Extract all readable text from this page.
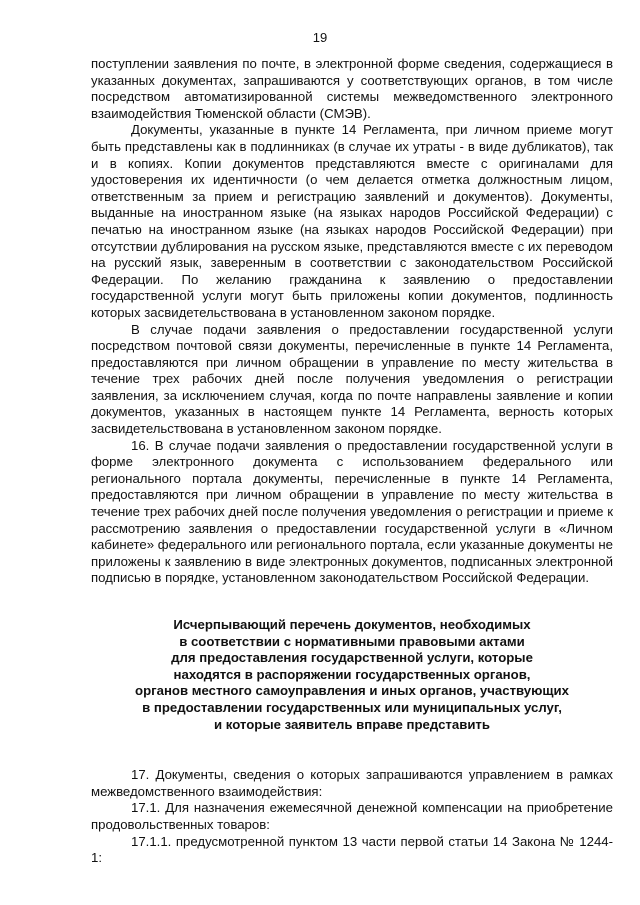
19

поступлении заявления по почте, в электронной форме сведения, содержащиеся в указанных документах, запрашиваются у соответствующих органов, в том числе посредством автоматизированной системы межведомственного электронного взаимодействия Тюменской области (СМЭВ).

Документы, указанные в пункте 14 Регламента, при личном приеме могут быть представлены как в подлинниках (в случае их утраты - в виде дубликатов), так и в копиях. Копии документов представляются вместе с оригиналами для удостоверения их идентичности (о чем делается отметка должностным лицом, ответственным за прием и регистрацию заявлений и документов). Документы, выданные на иностранном языке (на языках народов Российской Федерации) с печатью на иностранном языке (на языках народов Российской Федерации) при отсутствии дублирования на русском языке, представляются вместе с их переводом на русский язык, заверенным в соответствии с законодательством Российской Федерации. По желанию гражданина к заявлению о предоставлении государственной услуги могут быть приложены копии документов, подлинность которых засвидетельствована в установленном законом порядке.

В случае подачи заявления о предоставлении государственной услуги посредством почтовой связи документы, перечисленные в пункте 14 Регламента, предоставляются при личном обращении в управление по месту жительства в течение трех рабочих дней после получения уведомления о регистрации заявления, за исключением случая, когда по почте направлены заявление и копии документов, указанных в настоящем пункте 14 Регламента, верность которых засвидетельствована в установленном законом порядке.

16. В случае подачи заявления о предоставлении государственной услуги в форме электронного документа с использованием федерального или регионального портала документы, перечисленные в пункте 14 Регламента, предоставляются при личном обращении в управление по месту жительства в течение трех рабочих дней после получения уведомления о регистрации и приеме к рассмотрению заявления о предоставлении государственной услуги в «Личном кабинете» федерального или регионального портала, если указанные документы не приложены к заявлению в виде электронных документов, подписанных электронной подписью в порядке, установленном законодательством Российской Федерации.

Исчерпывающий перечень документов, необходимых
в соответствии с нормативными правовыми актами
для предоставления государственной услуги, которые
находятся в распоряжении государственных органов,
органов местного самоуправления и иных органов, участвующих
в предоставлении государственных или муниципальных услуг,
и которые заявитель вправе представить

17. Документы, сведения о которых запрашиваются управлением в рамках межведомственного взаимодействия:

17.1. Для назначения ежемесячной денежной компенсации на приобретение продовольственных товаров:

17.1.1. предусмотренной пунктом 13 части первой статьи 14 Закона № 1244-1:
